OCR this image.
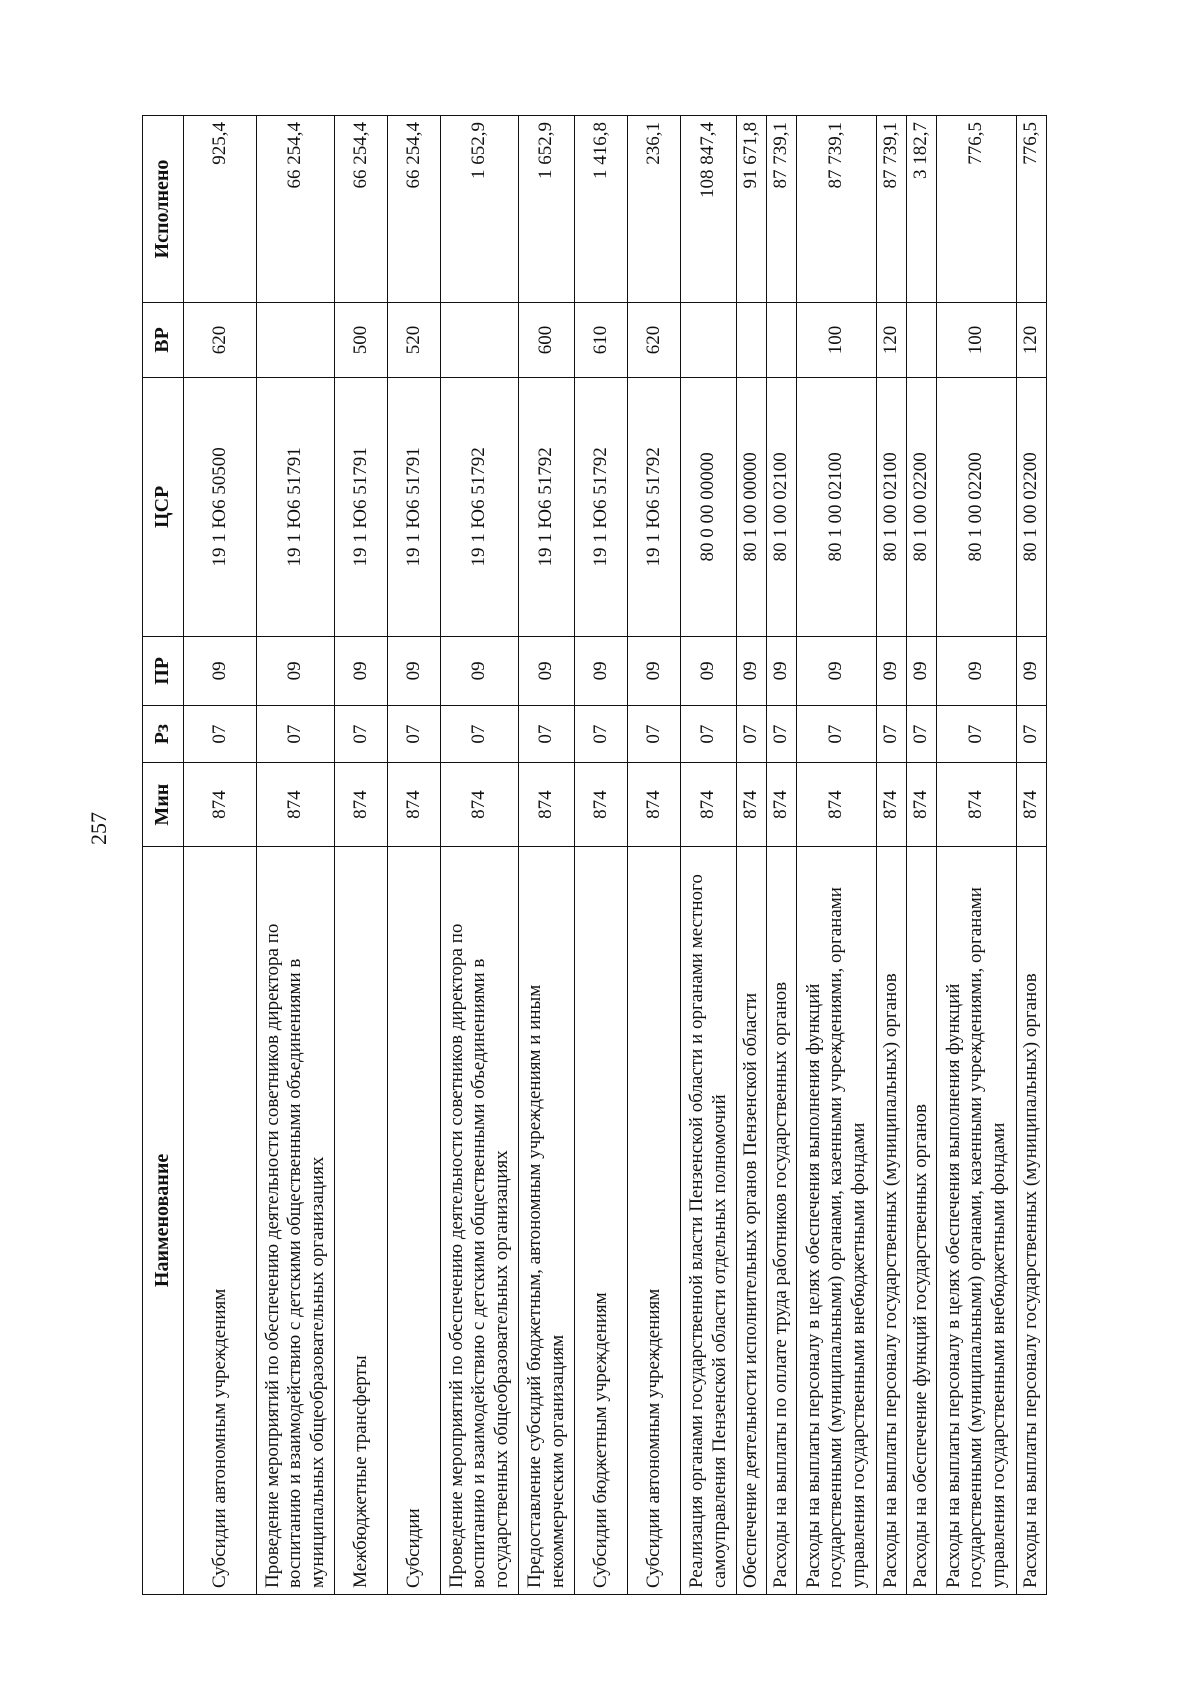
257
Наименование	Мин	Рз	ПР	ЦСР	ВР	Исполнено
Субсидии автономным учреждениям	874	07	09	19 1 Ю6 50500	620	925,4
Проведение мероприятий по обеспечению деятельности советников директора по воспитанию и взаимодействию с детскими общественными объединениями в муниципальных общеобразовательных организациях	874	07	09	19 1 Ю6 51791		66 254,4
Межбюджетные трансферты	874	07	09	19 1 Ю6 51791	500	66 254,4
Субсидии	874	07	09	19 1 Ю6 51791	520	66 254,4
Проведение мероприятий по обеспечению деятельности советников директора по воспитанию и взаимодействию с детскими общественными объединениями в государственных общеобразовательных организациях	874	07	09	19 1 Ю6 51792		1 652,9
Предоставление субсидий бюджетным, автономным учреждениям и иным некоммерческим организациям	874	07	09	19 1 Ю6 51792	600	1 652,9
Субсидии бюджетным учреждениям	874	07	09	19 1 Ю6 51792	610	1 416,8
Субсидии автономным учреждениям	874	07	09	19 1 Ю6 51792	620	236,1
Реализация органами государственной власти Пензенской области и органами местного самоуправления Пензенской области отдельных полномочий	874	07	09	80 0 00 00000		108 847,4
Обеспечение деятельности исполнительных органов Пензенской области	874	07	09	80 1 00 00000		91 671,8
Расходы на выплаты по оплате труда работников государственных органов	874	07	09	80 1 00 02100		87 739,1
Расходы на выплаты персоналу в целях обеспечения выполнения функций государственными (муниципальными) органами, казенными учреждениями, органами управления государственными внебюджетными фондами	874	07	09	80 1 00 02100	100	87 739,1
Расходы на выплаты персоналу государственных (муниципальных) органов	874	07	09	80 1 00 02100	120	87 739,1
Расходы на обеспечение функций государственных органов	874	07	09	80 1 00 02200		3 182,7
Расходы на выплаты персоналу в целях обеспечения выполнения функций государственными (муниципальными) органами, казенными учреждениями, органами управления государственными внебюджетными фондами	874	07	09	80 1 00 02200	100	776,5
Расходы на выплаты персоналу государственных (муниципальных) органов	874	07	09	80 1 00 02200	120	776,5
